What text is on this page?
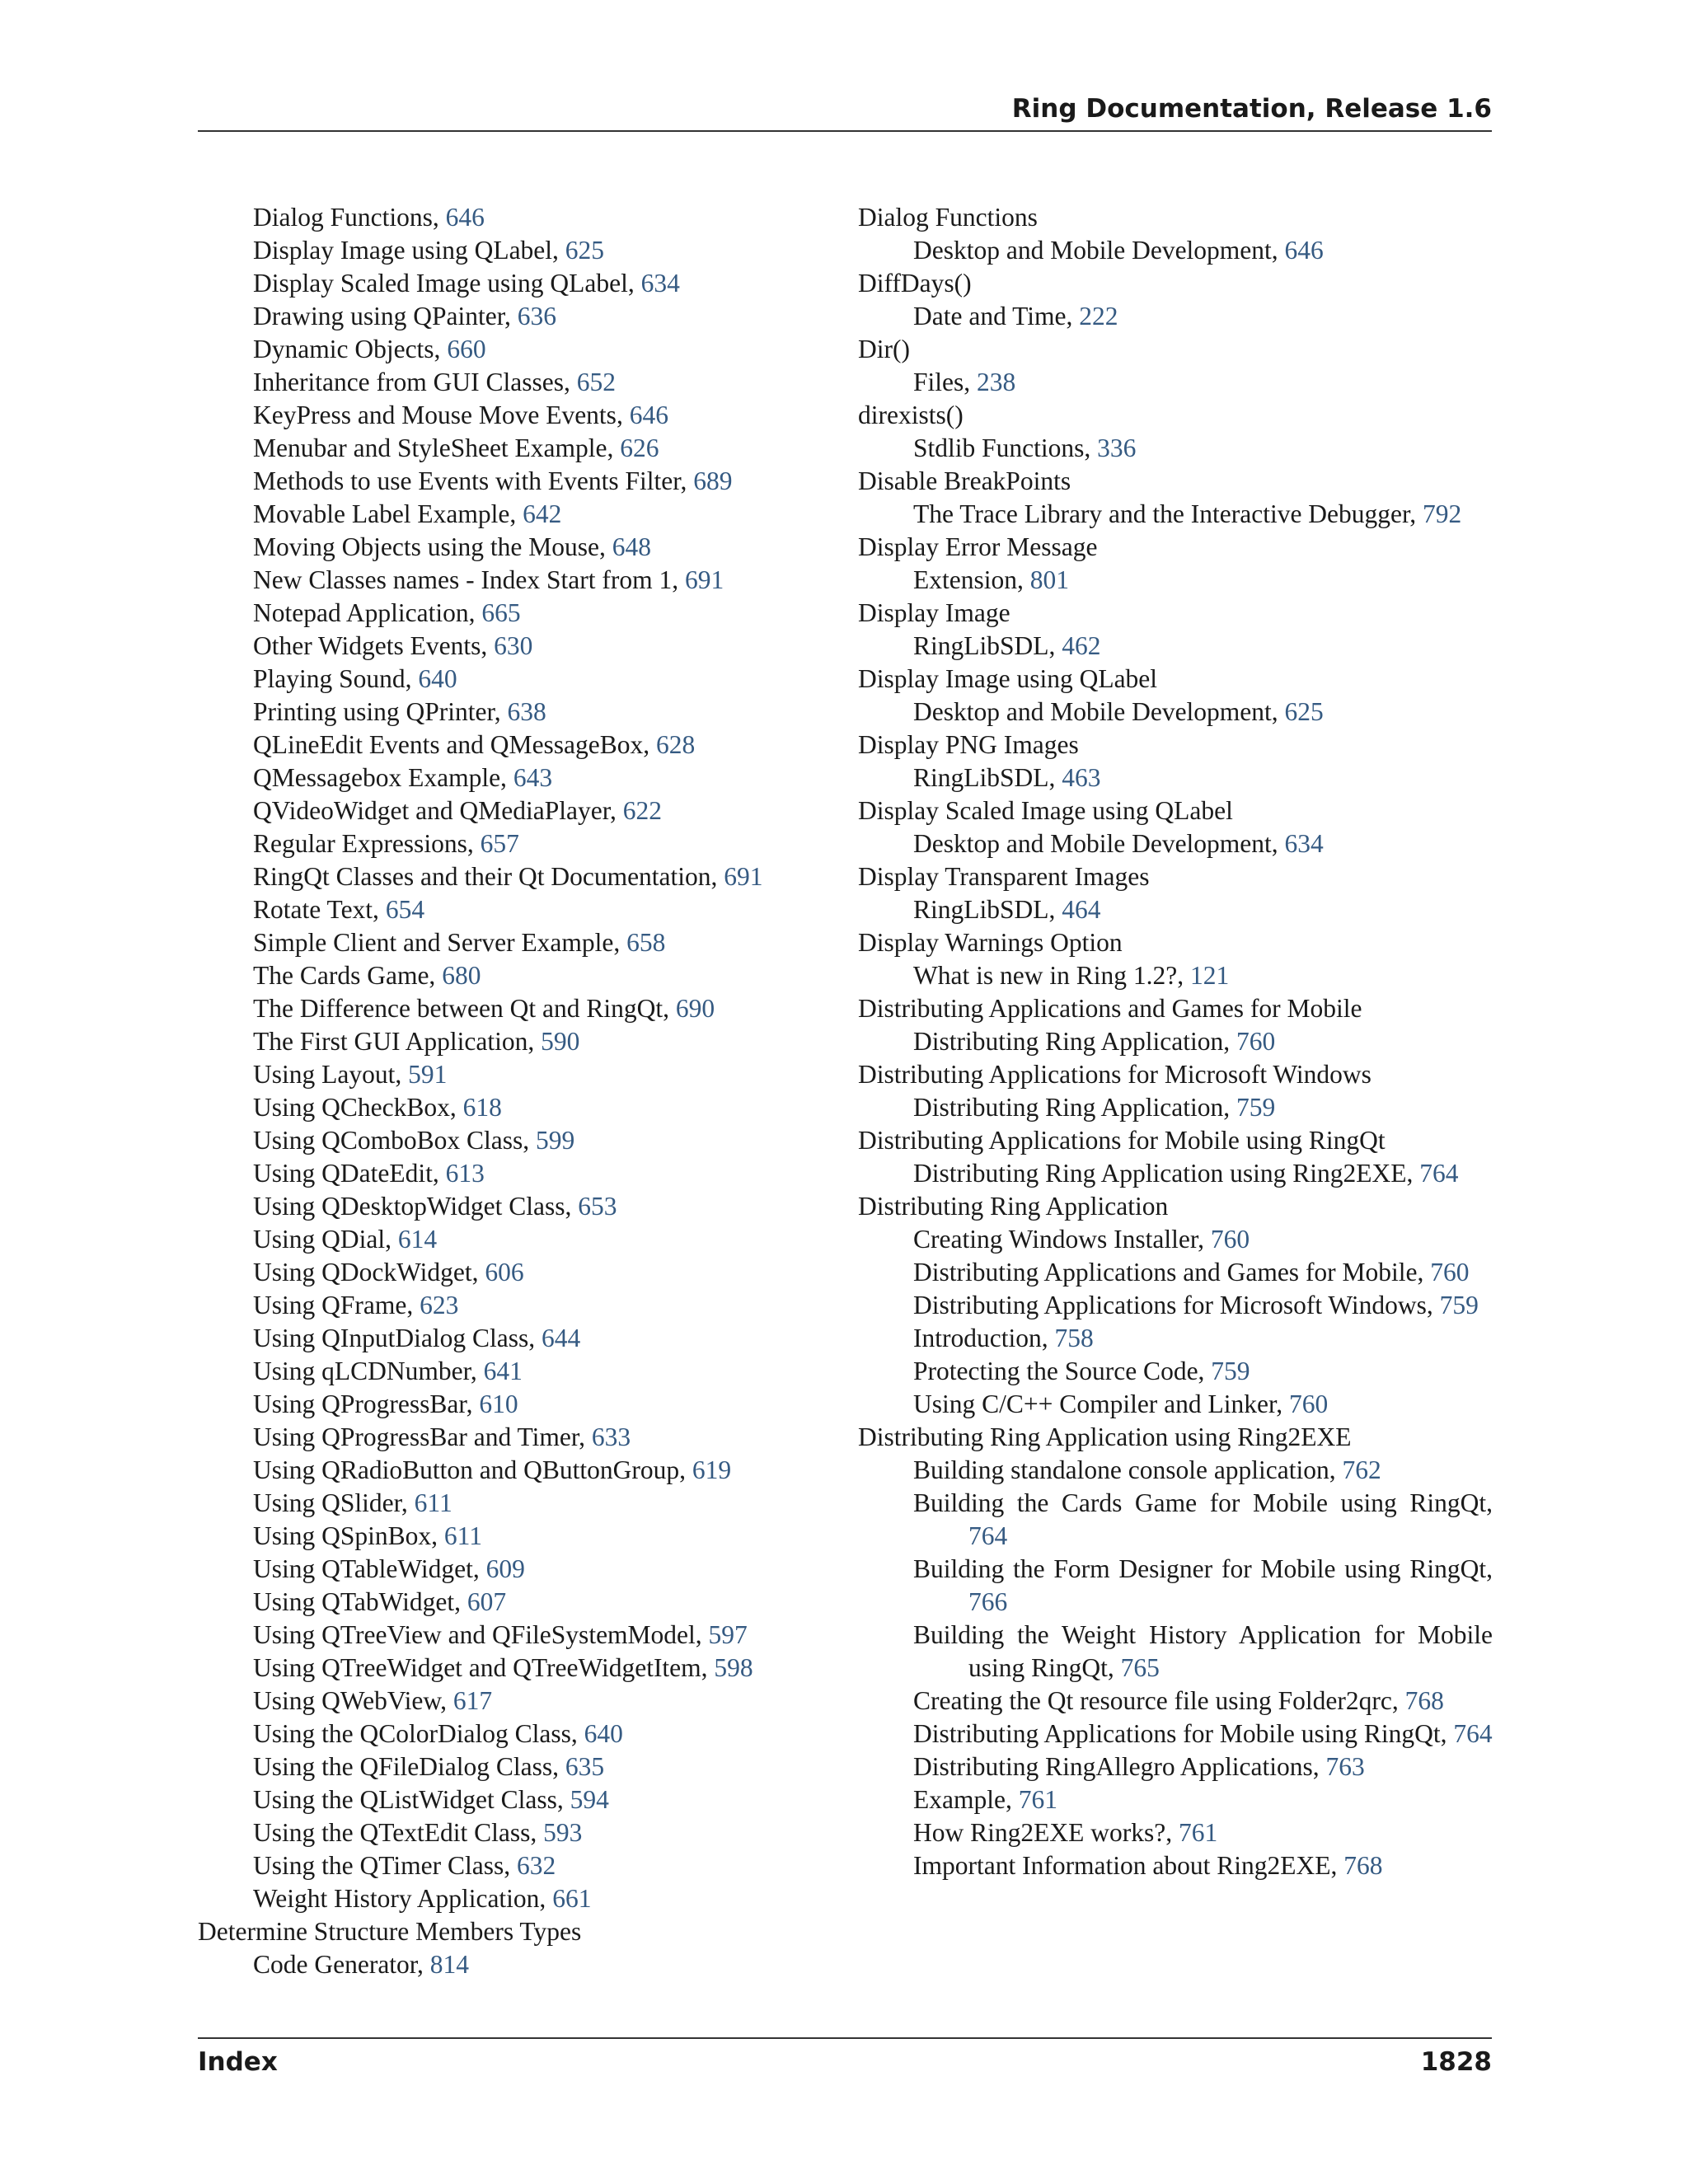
Ring Documentation, Release 1.6
Dialog Functions, 646
Display Image using QLabel, 625
Display Scaled Image using QLabel, 634
Drawing using QPainter, 636
Dynamic Objects, 660
Inheritance from GUI Classes, 652
KeyPress and Mouse Move Events, 646
Menubar and StyleSheet Example, 626
Methods to use Events with Events Filter, 689
Movable Label Example, 642
Moving Objects using the Mouse, 648
New Classes names - Index Start from 1, 691
Notepad Application, 665
Other Widgets Events, 630
Playing Sound, 640
Printing using QPrinter, 638
QLineEdit Events and QMessageBox, 628
QMessagebox Example, 643
QVideoWidget and QMediaPlayer, 622
Regular Expressions, 657
RingQt Classes and their Qt Documentation, 691
Rotate Text, 654
Simple Client and Server Example, 658
The Cards Game, 680
The Difference between Qt and RingQt, 690
The First GUI Application, 590
Using Layout, 591
Using QCheckBox, 618
Using QComboBox Class, 599
Using QDateEdit, 613
Using QDesktopWidget Class, 653
Using QDial, 614
Using QDockWidget, 606
Using QFrame, 623
Using QInputDialog Class, 644
Using qLCDNumber, 641
Using QProgressBar, 610
Using QProgressBar and Timer, 633
Using QRadioButton and QButtonGroup, 619
Using QSlider, 611
Using QSpinBox, 611
Using QTableWidget, 609
Using QTabWidget, 607
Using QTreeView and QFileSystemModel, 597
Using QTreeWidget and QTreeWidgetItem, 598
Using QWebView, 617
Using the QColorDialog Class, 640
Using the QFileDialog Class, 635
Using the QListWidget Class, 594
Using the QTextEdit Class, 593
Using the QTimer Class, 632
Weight History Application, 661
Determine Structure Members Types
Code Generator, 814
Dialog Functions
Desktop and Mobile Development, 646
DiffDays()
Date and Time, 222
Dir()
Files, 238
direxists()
Stdlib Functions, 336
Disable BreakPoints
The Trace Library and the Interactive Debugger, 792
Display Error Message
Extension, 801
Display Image
RingLibSDL, 462
Display Image using QLabel
Desktop and Mobile Development, 625
Display PNG Images
RingLibSDL, 463
Display Scaled Image using QLabel
Desktop and Mobile Development, 634
Display Transparent Images
RingLibSDL, 464
Display Warnings Option
What is new in Ring 1.2?, 121
Distributing Applications and Games for Mobile
Distributing Ring Application, 760
Distributing Applications for Microsoft Windows
Distributing Ring Application, 759
Distributing Applications for Mobile using RingQt
Distributing Ring Application using Ring2EXE, 764
Distributing Ring Application
Creating Windows Installer, 760
Distributing Applications and Games for Mobile, 760
Distributing Applications for Microsoft Windows, 759
Introduction, 758
Protecting the Source Code, 759
Using C/C++ Compiler and Linker, 760
Distributing Ring Application using Ring2EXE
Building standalone console application, 762
Building the Cards Game for Mobile using RingQt, 764
Building the Form Designer for Mobile using RingQt, 766
Building the Weight History Application for Mobile using RingQt, 765
Creating the Qt resource file using Folder2qrc, 768
Distributing Applications for Mobile using RingQt, 764
Distributing RingAllegro Applications, 763
Example, 761
How Ring2EXE works?, 761
Important Information about Ring2EXE, 768
Index	1828
